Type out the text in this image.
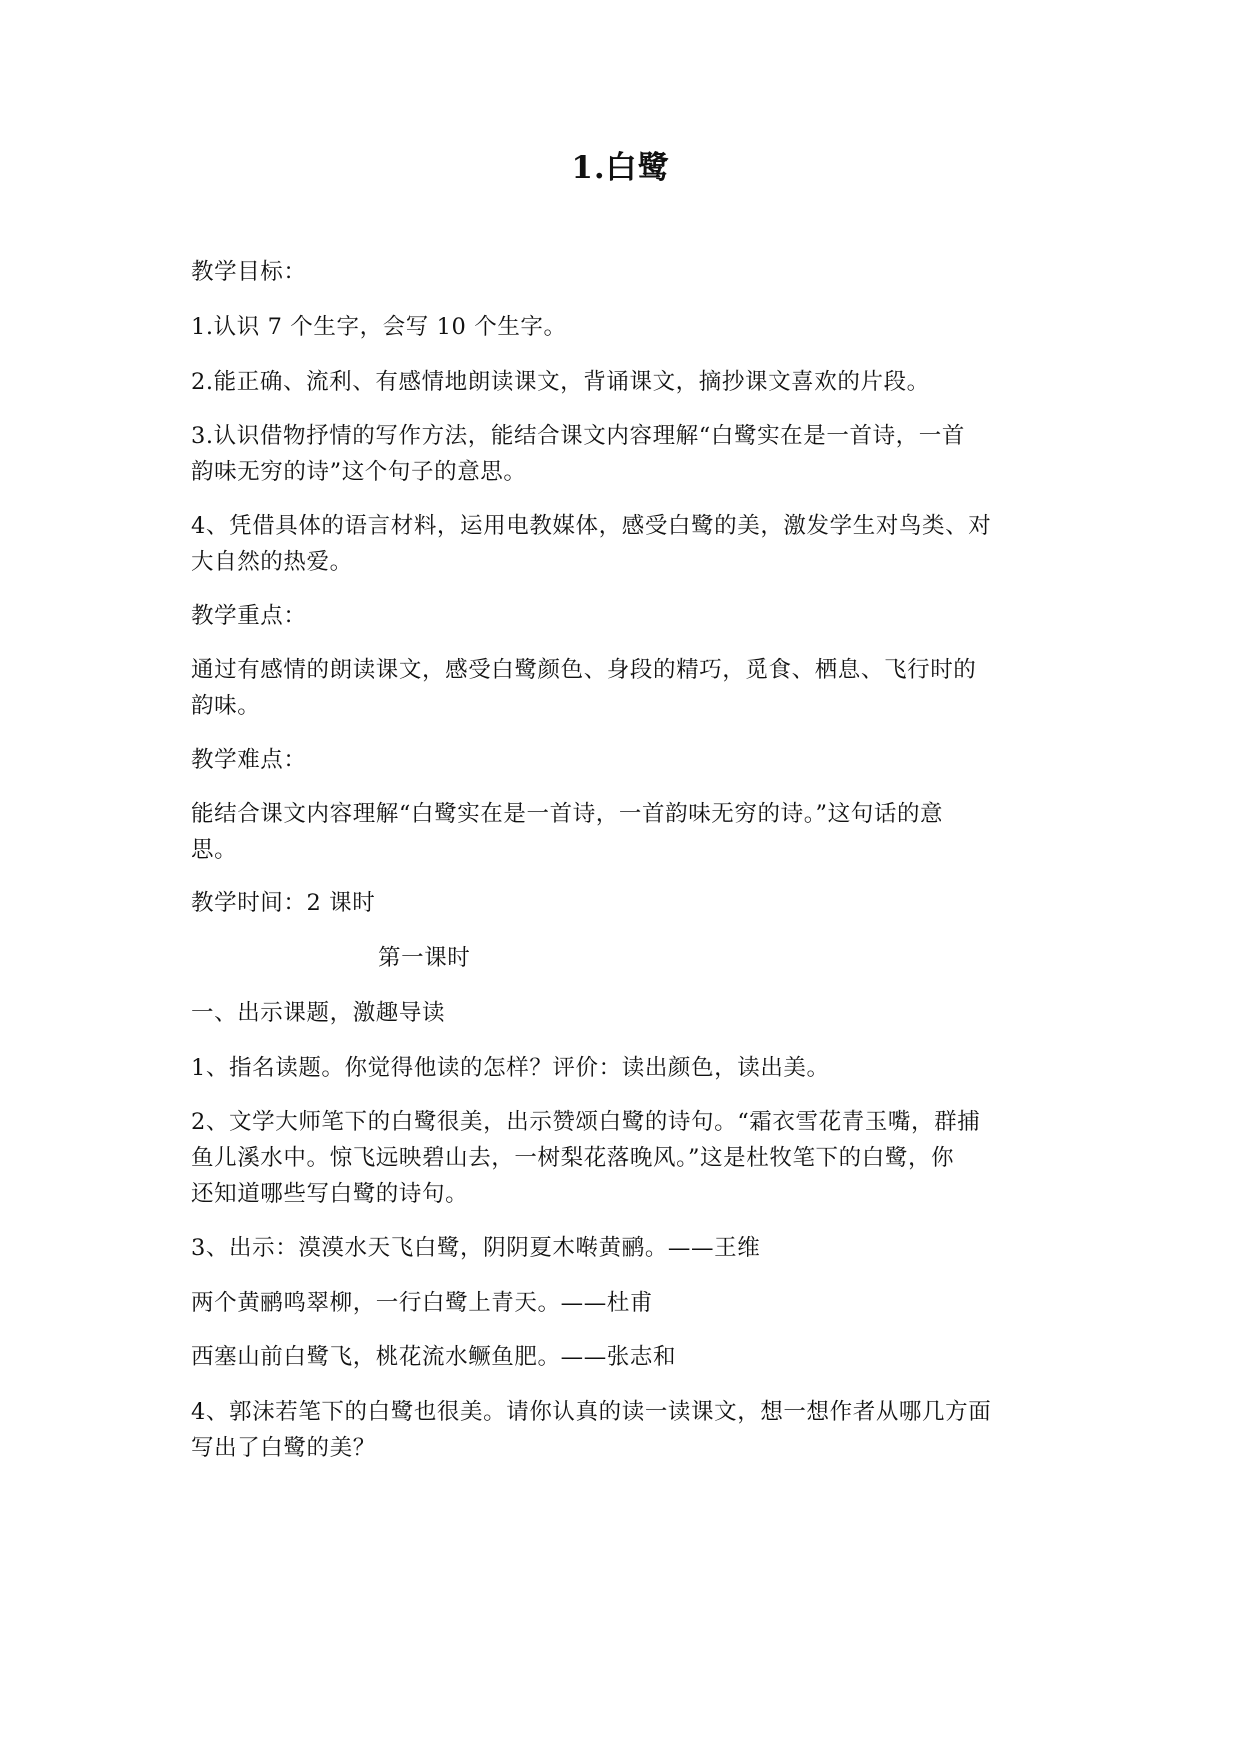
1.白鹭
教学目标：
1.认识 7 个生字，会写 10 个生字。
2.能正确、流利、有感情地朗读课文，背诵课文，摘抄课文喜欢的片段。
3.认识借物抒情的写作方法，能结合课文内容理解“白鹭实在是一首诗，一首
韵味无穷的诗”这个句子的意思。
4、凭借具体的语言材料，运用电教媒体，感受白鹭的美，激发学生对鸟类、对
大自然的热爱。
教学重点：
通过有感情的朗读课文，感受白鹭颜色、身段的精巧，觅食、栖息、飞行时的
韵味。
教学难点：
能结合课文内容理解“白鹭实在是一首诗，一首韵味无穷的诗。”这句话的意
思。
教学时间：2 课时
第一课时
一、出示课题，激趣导读
1、指名读题。你觉得他读的怎样？评价：读出颜色，读出美。
2、文学大师笔下的白鹭很美，出示赞颂白鹭的诗句。“霜衣雪花青玉嘴，群捕
鱼儿溪水中。惊飞远映碧山去，一树梨花落晚风。”这是杜牧笔下的白鹭，你
还知道哪些写白鹭的诗句。
3、出示：漠漠水天飞白鹭，阴阴夏木啭黄鹂。——王维
两个黄鹂鸣翠柳，一行白鹭上青天。——杜甫
西塞山前白鹭飞，桃花流水鳜鱼肥。——张志和
4、郭沫若笔下的白鹭也很美。请你认真的读一读课文，想一想作者从哪几方面
写出了白鹭的美？
